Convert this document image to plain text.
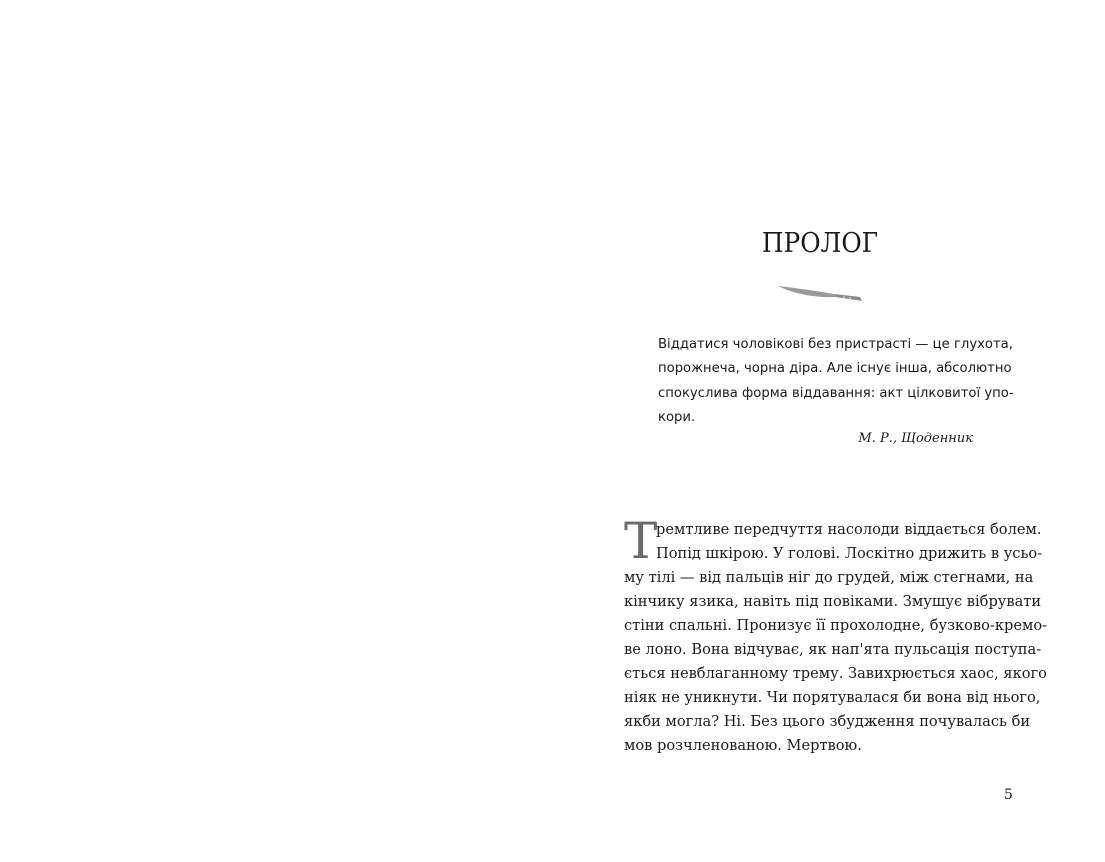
ПРОЛОГ
Віддатися чоловікові без пристрасті — це глухота,
порожнеча, чорна діра. Але існує інша, абсолютно
спокуслива форма віддавання: акт цілковитої упо-
кори.
М. Р., Щоденник
Т
ремтливе передчуття насолоди віддається болем.
Попід шкірою. У голові. Лоскітно дрижить в усьо-
му тілі — від пальців ніг до грудей, між стегнами, на
кінчику язика, навіть під повіками. Змушує вібрувати
стіни спальні. Пронизує її прохолодне, бузково-кремо-
ве лоно. Вона відчуває, як нап'ята пульсація поступа-
ється невблаганному трему. Завихрюється хаос, якого
ніяк не уникнути. Чи порятувалася би вона від нього,
якби могла? Ні. Без цього збудження почувалась би
мов розчленованою. Мертвою.
5
